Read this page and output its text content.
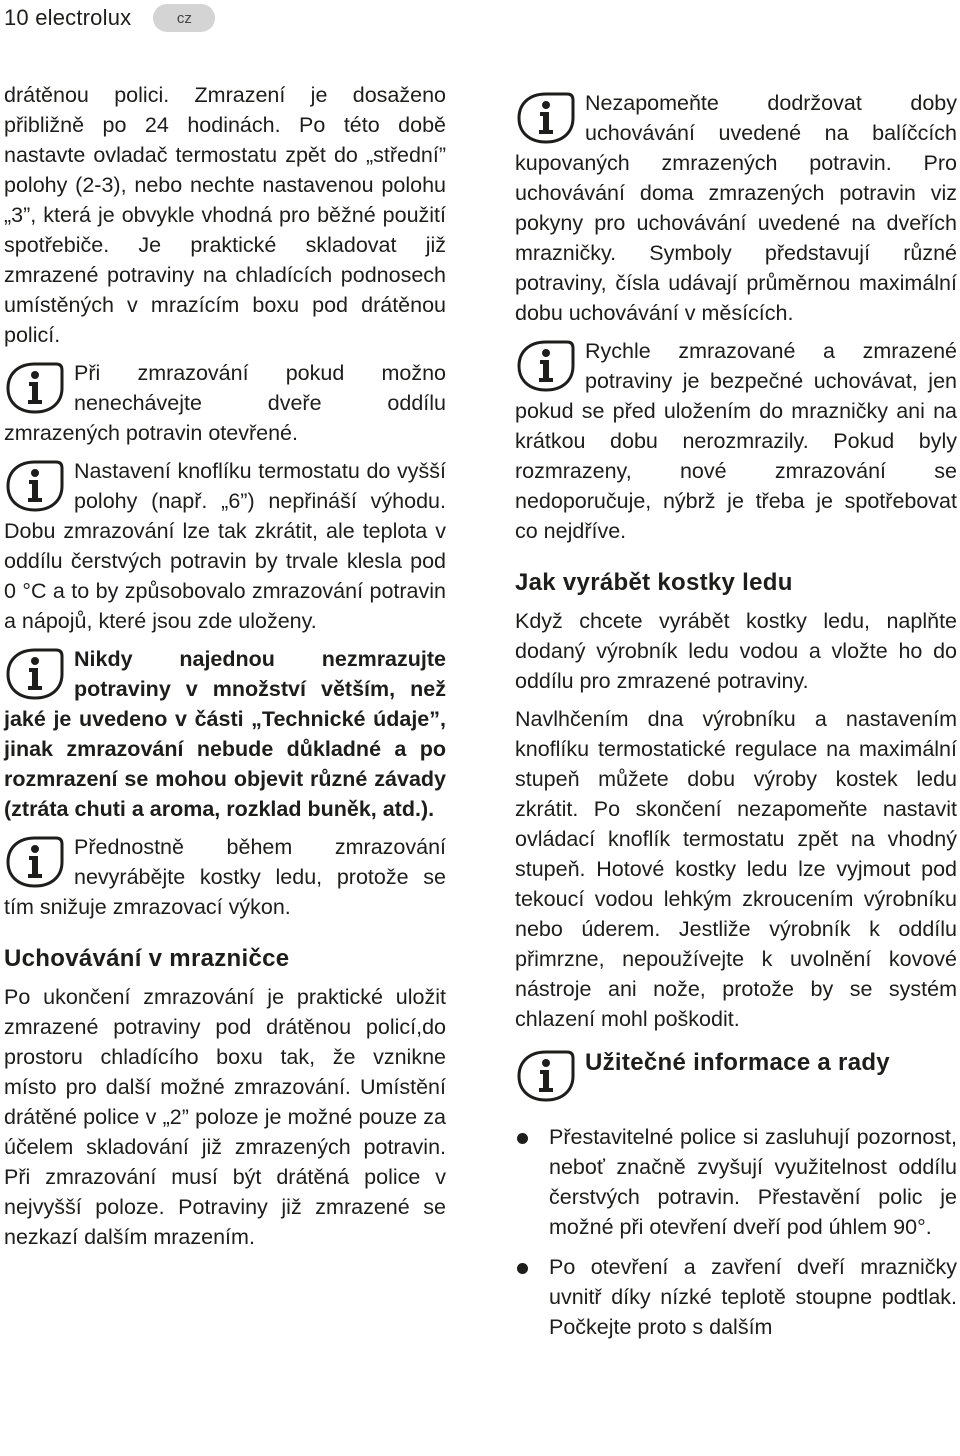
10 electrolux	cz

drátěnou polici. Zmrazení je dosaženo přibližně po 24 hodinách. Po této době nastavte ovladač termostatu zpět do „střední” polohy (2-3), nebo nechte nastavenou polohu „3”, která je obvykle vhodná pro běžné použití spotřebiče. Je praktické skladovat již zmrazené potraviny na chladících podnosech umístěných v mrazícím boxu pod drátěnou policí.

Při zmrazování pokud možno nenechávejte dveře oddílu zmrazených potravin otevřené.

Nastavení knoflíku termostatu do vyšší polohy (např. „6”) nepřináší výhodu. Dobu zmrazování lze tak zkrátit, ale teplota v oddílu čerstvých potravin by trvale klesla pod 0 °C a to by způsobovalo zmrazování potravin a nápojů, které jsou zde uloženy.

Nikdy najednou nezmrazujte potraviny v množství větším, než jaké je uvedeno v části „Technické údaje”, jinak zmrazování nebude důkladné a po rozmrazení se mohou objevit různé závady (ztráta chuti a aroma, rozklad buněk, atd.).

Přednostně během zmrazování nevyrábějte kostky ledu, protože se tím snižuje zmrazovací výkon.

Uchovávání v mrazničce

Po ukončení zmrazování je praktické uložit zmrazené potraviny pod drátěnou policí,do prostoru chladícího boxu tak, že vznikne místo pro další možné zmrazování. Umístění drátěné police v „2” poloze je možné pouze za účelem skladování již zmrazených potravin. Při zmrazování musí být drátěná police v nejvyšší poloze. Potraviny již zmrazené se nezkazí dalším mrazením.

Nezapomeňte dodržovat doby uchovávání uvedené na balíčcích kupovaných zmrazených potravin. Pro uchovávání doma zmrazených potravin viz pokyny pro uchovávání uvedené na dveřích mrazničky. Symboly představují různé potraviny, čísla udávají průměrnou maximální dobu uchovávání v měsících.

Rychle zmrazované a zmrazené potraviny je bezpečné uchovávat, jen pokud se před uložením do mrazničky ani na krátkou dobu nerozmrazily. Pokud byly rozmrazeny, nové zmrazování se nedoporučuje, nýbrž je třeba je spotřebovat co nejdříve.

Jak vyrábět kostky ledu

Když chcete vyrábět kostky ledu, naplňte dodaný výrobník ledu vodou a vložte ho do oddílu pro zmrazené potraviny.

Navlhčením dna výrobníku a nastavením knoflíku termostatické regulace na maximální stupeň můžete dobu výroby kostek ledu zkrátit. Po skončení nezapomeňte nastavit ovládací knoflík termostatu zpět na vhodný stupeň. Hotové kostky ledu lze vyjmout pod tekoucí vodou lehkým zkroucením výrobníku nebo úderem. Jestliže výrobník k oddílu přimrzne, nepoužívejte k uvolnění kovové nástroje ani nože, protože by se systém chlazení mohl poškodit.

Užitečné informace a rady
Přestavitelné police si zasluhují pozornost, neboť značně zvyšují využitelnost oddílu čerstvých potravin. Přestavění polic je možné při otevření dveří pod úhlem 90°.
Po otevření a zavření dveří mrazničky uvnitř díky nízké teplotě stoupne podtlak. Počkejte proto s dalším
